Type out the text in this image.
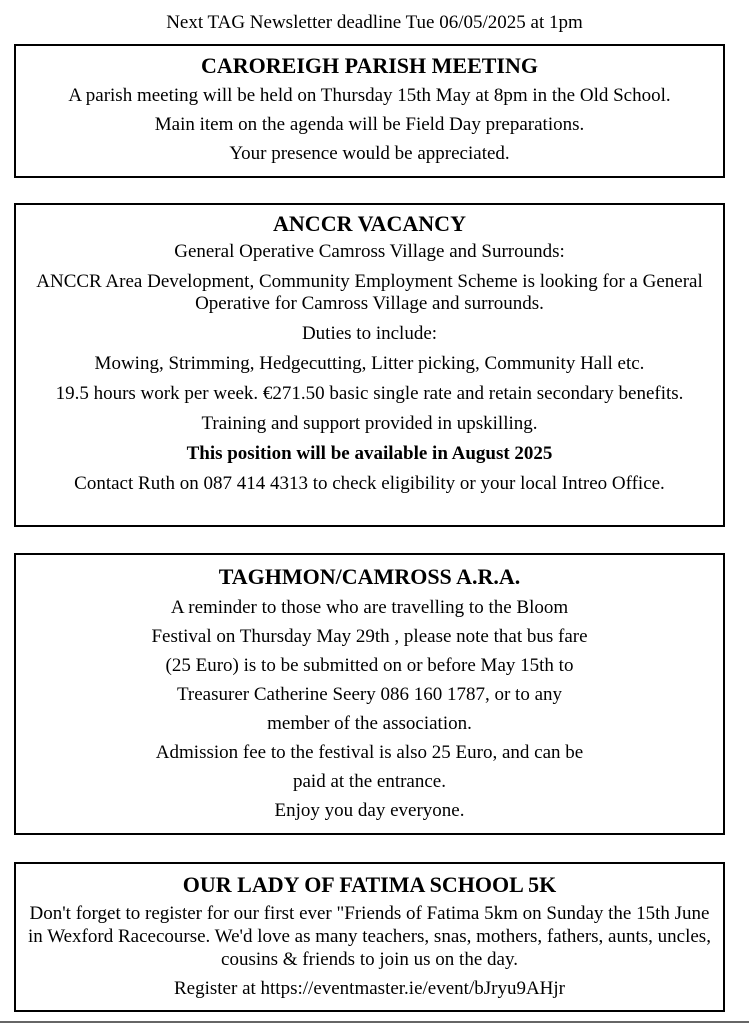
Next TAG Newsletter deadline Tue 06/05/2025 at 1pm
CAROREIGH PARISH MEETING

A parish meeting will be held on Thursday 15th May at 8pm in the Old School.

Main item on the agenda will be Field Day preparations.

Your presence would be appreciated.

ANCCR VACANCY

General Operative Camross Village and Surrounds:

ANCCR Area Development, Community Employment Scheme is looking for a General Operative for Camross Village and surrounds.

Duties to include:

Mowing, Strimming, Hedgecutting, Litter picking, Community Hall etc.

19.5 hours work per week. €271.50 basic single rate and retain secondary benefits.

Training and support provided in upskilling.

This position will be available in August 2025

Contact Ruth on 087 414 4313 to check eligibility or your local Intreo Office.

TAGHMON/CAMROSS A.R.A.

A reminder to those who are travelling to the Bloom

Festival on Thursday May 29th , please note that bus fare

(25 Euro) is to be submitted on or before May 15th to

Treasurer Catherine Seery 086 160 1787, or to any

member of the association.

Admission fee to the festival is also 25 Euro, and can be

paid at the entrance.

Enjoy you day everyone.

OUR LADY OF FATIMA SCHOOL 5K

Don't forget to register for our first ever "Friends of Fatima 5km on Sunday the 15th June in Wexford Racecourse. We'd love as many teachers, snas, mothers, fathers, aunts, uncles, cousins & friends to join us on the day.

Register at https://eventmaster.ie/event/bJryu9AHjr
